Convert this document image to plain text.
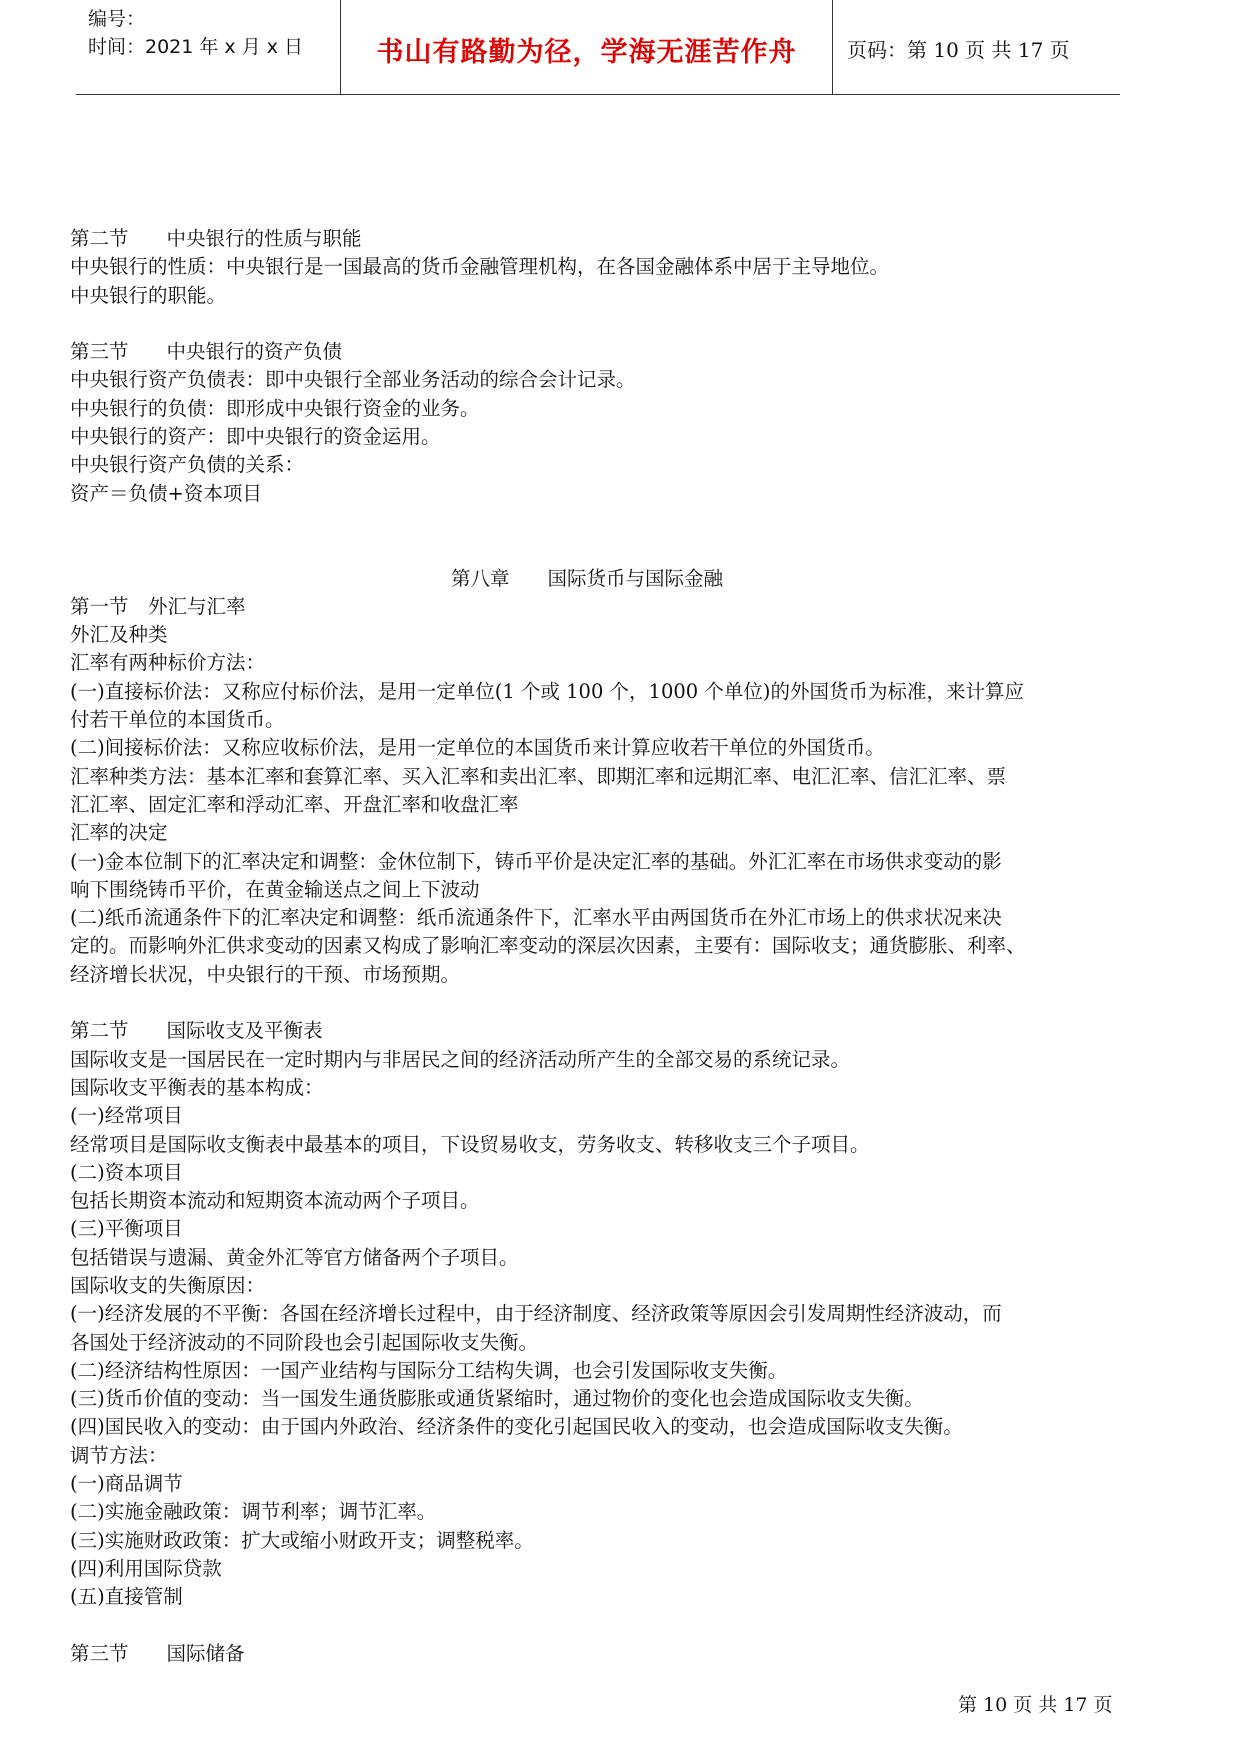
编号：
时间：2021 年 x 月 x 日	书山有路勤为径，学海无涯苦作舟	页码：第 10 页 共 17 页
第二节 中央银行的性质与职能
中央银行的性质：中央银行是一国最高的货币金融管理机构，在各国金融体系中居于主导地位。
中央银行的职能。
第三节 中央银行的资产负债
中央银行资产负债表：即中央银行全部业务活动的综合会计记录。
中央银行的负债：即形成中央银行资金的业务。
中央银行的资产：即中央银行的资金运用。
中央银行资产负债的关系：
资产＝负债+资本项目
第八章 国际货币与国际金融
第一节　外汇与汇率
外汇及种类
汇率有两种标价方法：
(一)直接标价法：又称应付标价法，是用一定单位(1 个或 100 个，1000 个单位)的外国货币为标准，来计算应
付若干单位的本国货币。
(二)间接标价法：又称应收标价法，是用一定单位的本国货币来计算应收若干单位的外国货币。
汇率种类方法：基本汇率和套算汇率、买入汇率和卖出汇率、即期汇率和远期汇率、电汇汇率、信汇汇率、票
汇汇率、固定汇率和浮动汇率、开盘汇率和收盘汇率
汇率的决定
(一)金本位制下的汇率决定和调整：金休位制下，铸币平价是决定汇率的基础。外汇汇率在市场供求变动的影
响下围绕铸币平价，在黄金输送点之间上下波动
(二)纸币流通条件下的汇率决定和调整：纸币流通条件下，汇率水平由两国货币在外汇市场上的供求状况来决
定的。而影响外汇供求变动的因素又构成了影响汇率变动的深层次因素，主要有：国际收支；通货膨胀、利率、
经济增长状况，中央银行的干预、市场预期。
第二节 国际收支及平衡表
国际收支是一国居民在一定时期内与非居民之间的经济活动所产生的全部交易的系统记录。
国际收支平衡表的基本构成：
(一)经常项目
经常项目是国际收支衡表中最基本的项目，下设贸易收支，劳务收支、转移收支三个子项目。
(二)资本项目
包括长期资本流动和短期资本流动两个子项目。
(三)平衡项目
包括错误与遗漏、黄金外汇等官方储备两个子项目。
国际收支的失衡原因：
(一)经济发展的不平衡：各国在经济增长过程中，由于经济制度、经济政策等原因会引发周期性经济波动，而
各国处于经济波动的不同阶段也会引起国际收支失衡。
(二)经济结构性原因：一国产业结构与国际分工结构失调，也会引发国际收支失衡。
(三)货币价值的变动：当一国发生通货膨胀或通货紧缩时，通过物价的变化也会造成国际收支失衡。
(四)国民收入的变动：由于国内外政治、经济条件的变化引起国民收入的变动，也会造成国际收支失衡。
调节方法：
(一)商品调节
(二)实施金融政策：调节利率；调节汇率。
(三)实施财政政策：扩大或缩小财政开支；调整税率。
(四)利用国际贷款
(五)直接管制
第三节 国际储备
第 10 页 共 17 页
